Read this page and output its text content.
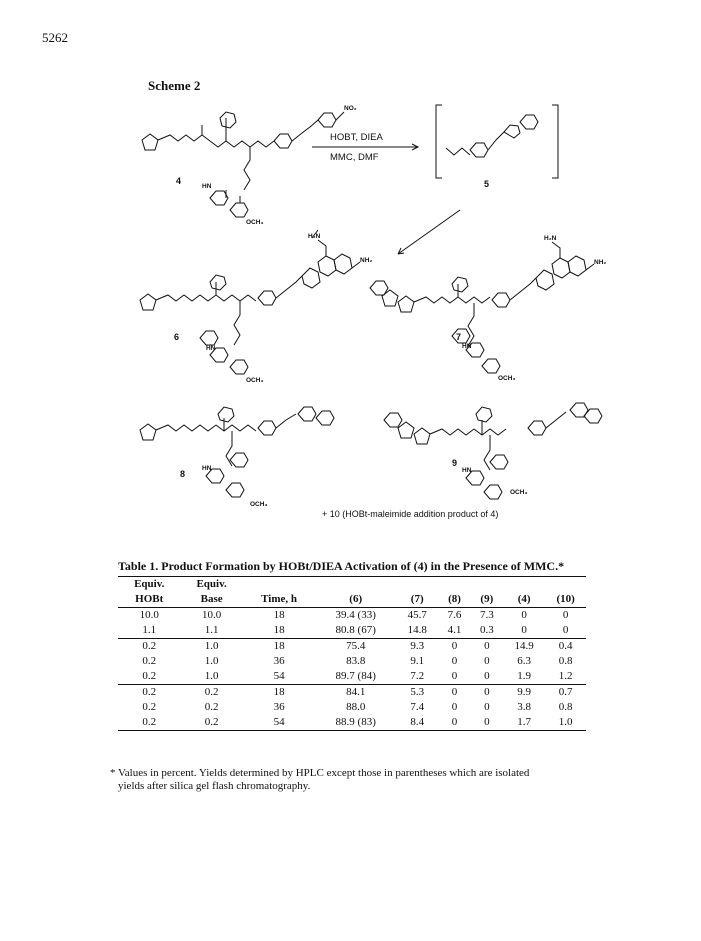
5262
Scheme 2
HOBT, DIEA
MMC, DMF
4	5
6	7
8
9
NO₂
HN
OCH₃
H₂N
NH₂
HN
OCH₃
H₂N
NH₂
HN
OCH₃
HN
OCH₃
HN
OCH₃
+ 10 (HOBt-maleimide addition product of 4)
Table 1. Product Formation by HOBt/DIEA Activation of (4) in the Presence of MMC.*
Equiv.	Equiv.							
HOBt	Base	Time, h	(6)	(7)	(8)	(9)	(4)	(10)
10.0	10.0	18	39.4 (33)	45.7	7.6	7.3	0	0
1.1	1.1	18	80.8 (67)	14.8	4.1	0.3	0	0
0.2	1.0	18	75.4	9.3	0	0	14.9	0.4
0.2	1.0	36	83.8	9.1	0	0	6.3	0.8
0.2	1.0	54	89.7 (84)	7.2	0	0	1.9	1.2
0.2	0.2	18	84.1	5.3	0	0	9.9	0.7
0.2	0.2	36	88.0	7.4	0	0	3.8	0.8
0.2	0.2	54	88.9 (83)	8.4	0	0	1.7	1.0
* Values in percent. Yields determined by HPLC except those in parentheses which are isolated
yields after silica gel flash chromatography.
